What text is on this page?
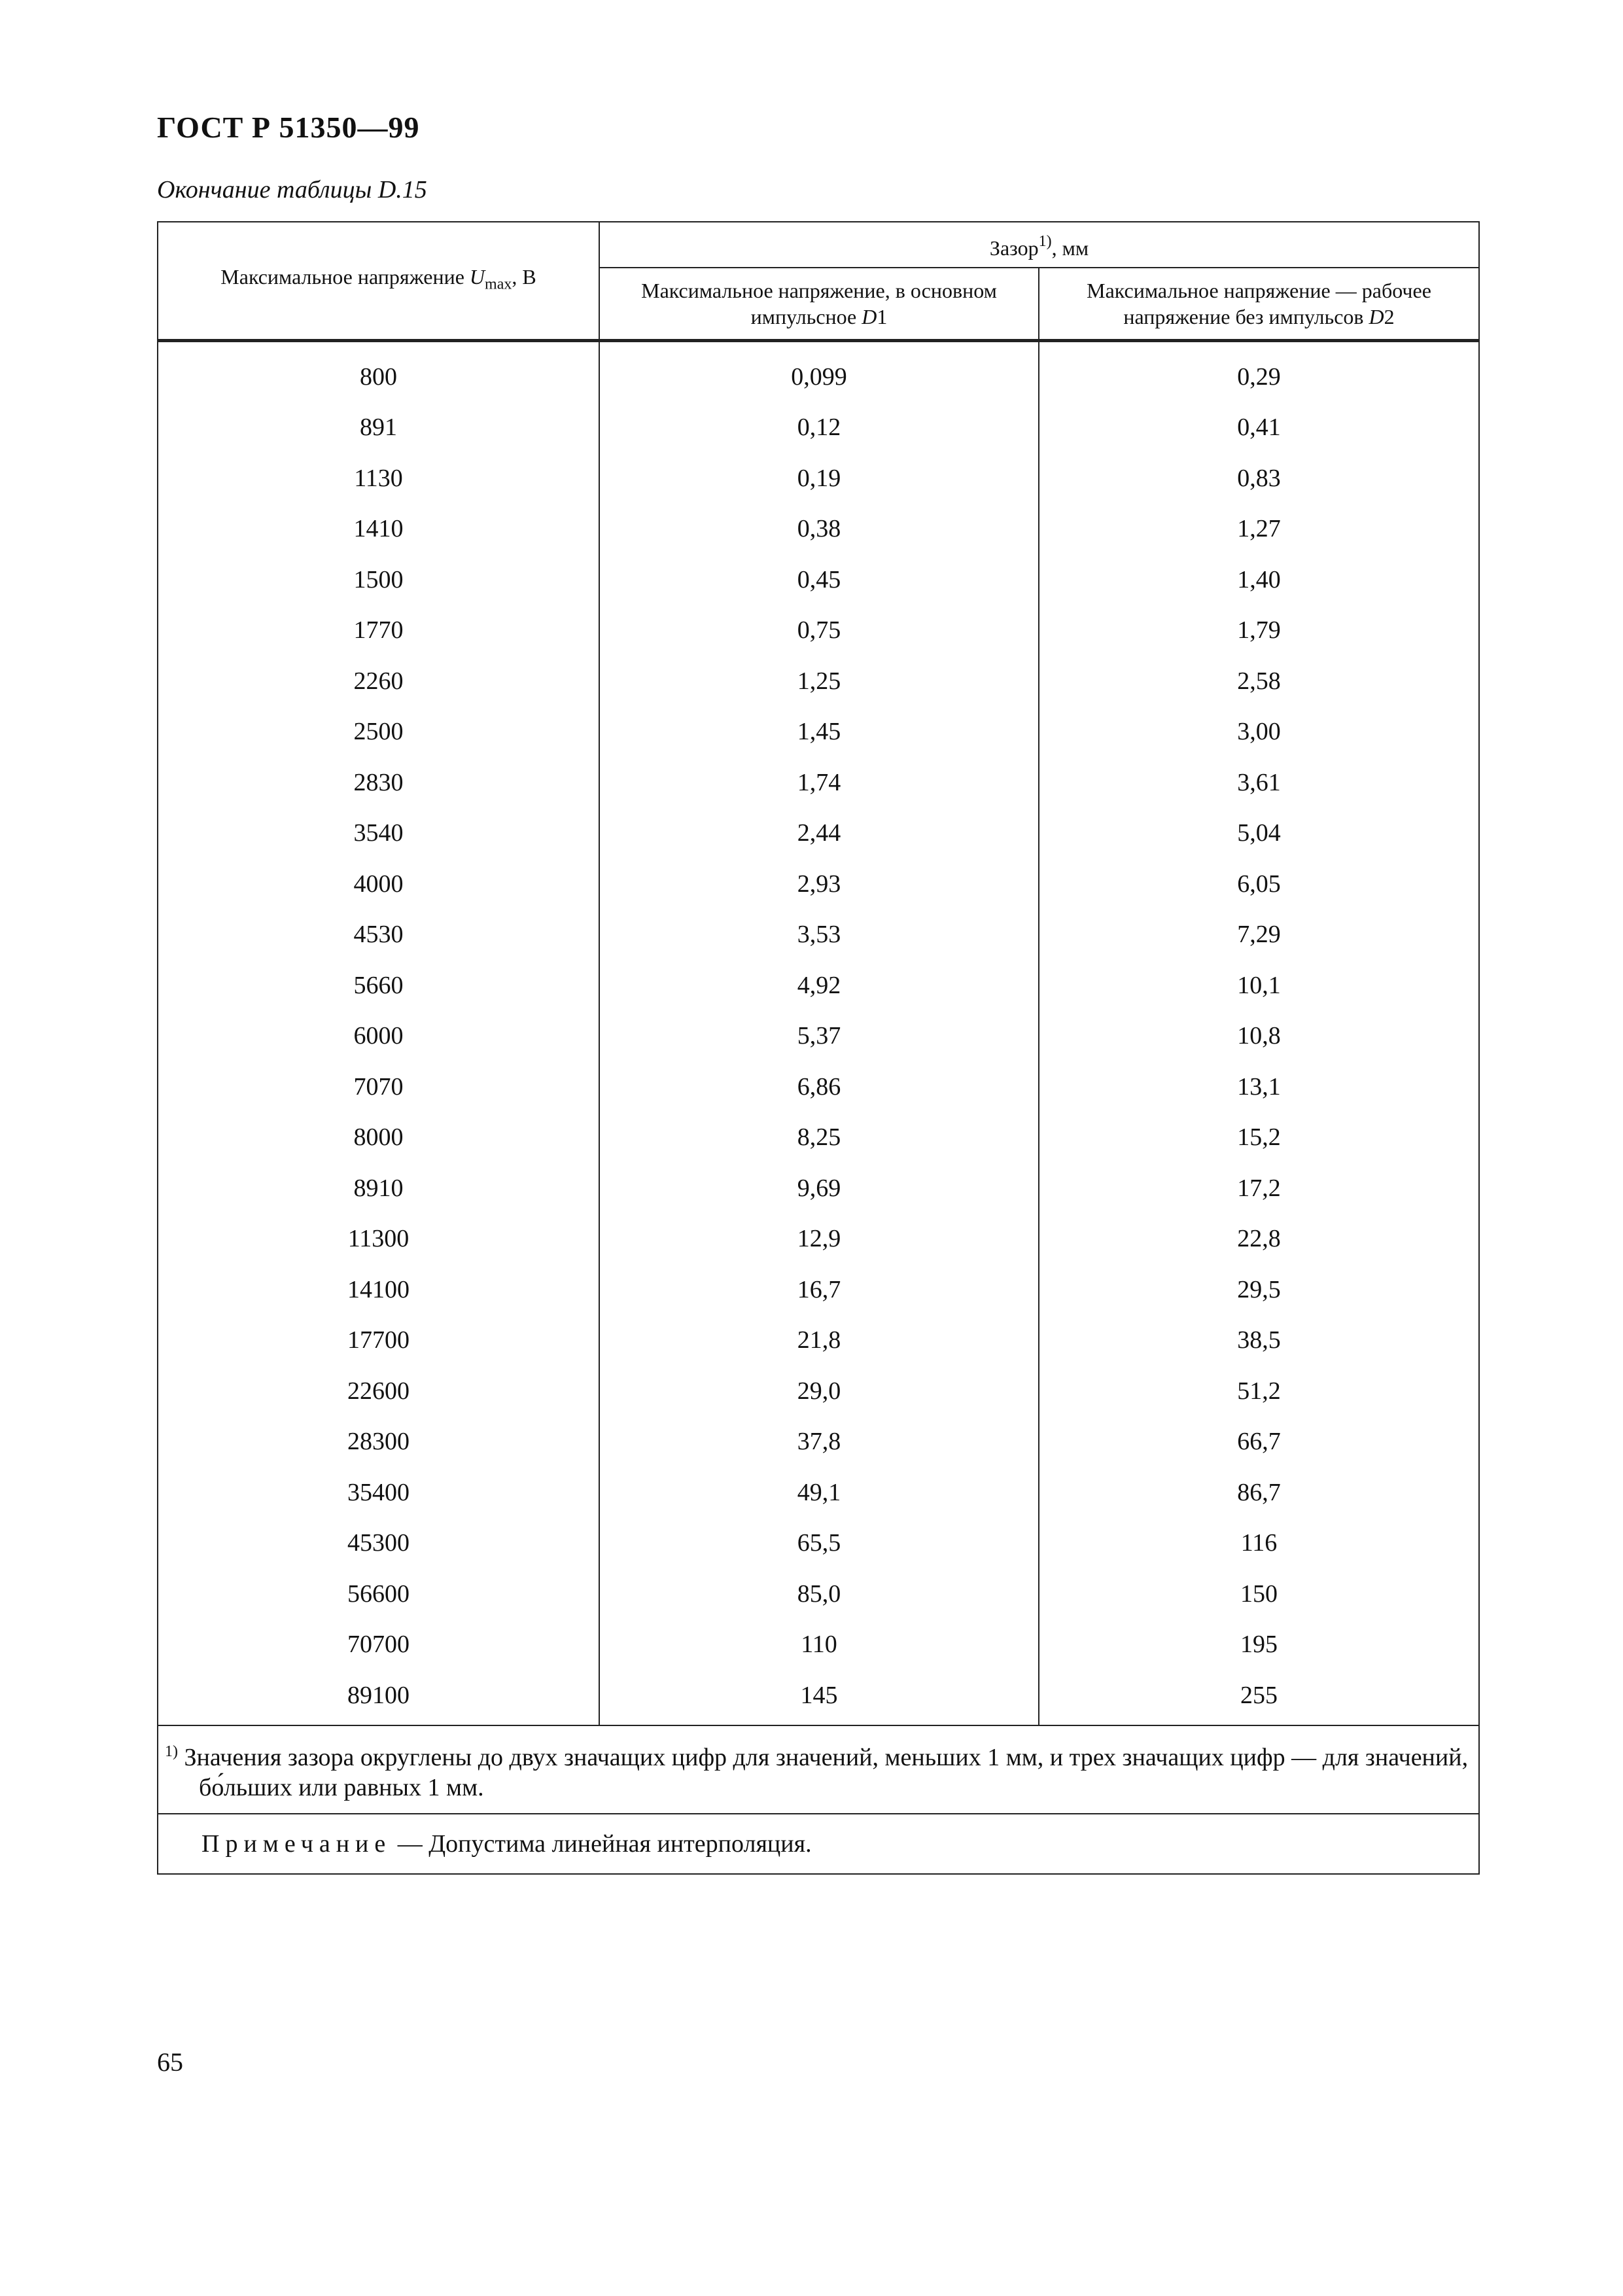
ГОСТ Р 51350—99
Окончание таблицы D.15
Максимальное напряжение $U_{max}$, В	Зазор$^{1)}$, мм	
	Максимальное напряжение, в основном импульсное D1	Максимальное напряжение — рабочее напряжение без импульсов D2
800	0,099	0,29
891	0,12	0,41
1130	0,19	0,83
1410	0,38	1,27
1500	0,45	1,40
1770	0,75	1,79
2260	1,25	2,58
2500	1,45	3,00
2830	1,74	3,61
3540	2,44	5,04
4000	2,93	6,05
4530	3,53	7,29
5660	4,92	10,1
6000	5,37	10,8
7070	6,86	13,1
8000	8,25	15,2
8910	9,69	17,2
11300	12,9	22,8
14100	16,7	29,5
17700	21,8	38,5
22600	29,0	51,2
28300	37,8	66,7
35400	49,1	86,7
45300	65,5	116
56600	85,0	150
70700	110	195
89100	145	255
$^{1)}$ Значения зазора округлены до двух значащих цифр для значений, меньших 1 мм, и трех значащих цифр — для значений, бо́льших или равных 1 мм.		
Примечание — Допустима линейная интерполяция.		
65
